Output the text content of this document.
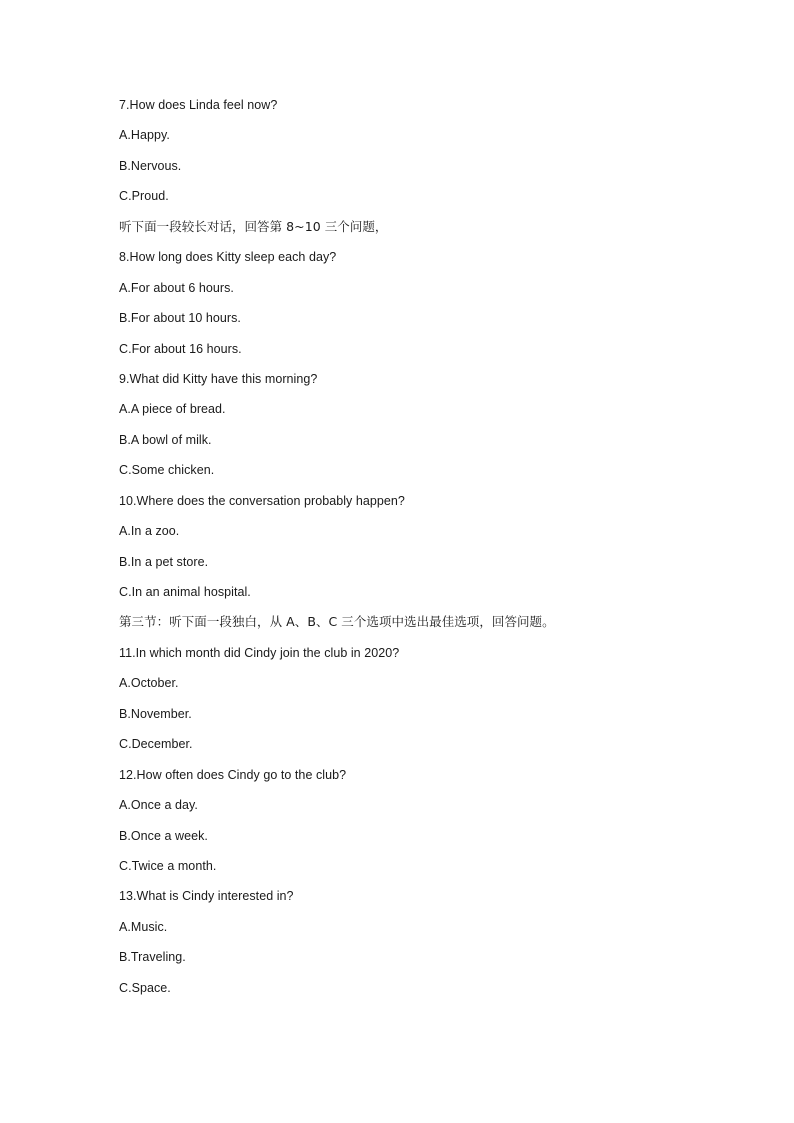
7.How does Linda feel now?
A.Happy.
B.Nervous.
C.Proud.
听下面一段较长对话，回答第 8~10 三个问题，
8.How long does Kitty sleep each day?
A.For about 6 hours.
B.For about 10 hours.
C.For about 16 hours.
9.What did Kitty have this morning?
A.A piece of bread.
B.A bowl of milk.
C.Some chicken.
10.Where does the conversation probably happen?
A.In a zoo.
B.In a pet store.
C.In an animal hospital.
第三节：听下面一段独白，从 A、B、C 三个选项中选出最佳选项，回答问题。
11.In which month did Cindy join the club in 2020?
A.October.
B.November.
C.December.
12.How often does Cindy go to the club?
A.Once a day.
B.Once a week.
C.Twice a month.
13.What is Cindy interested in?
A.Music.
B.Traveling.
C.Space.
